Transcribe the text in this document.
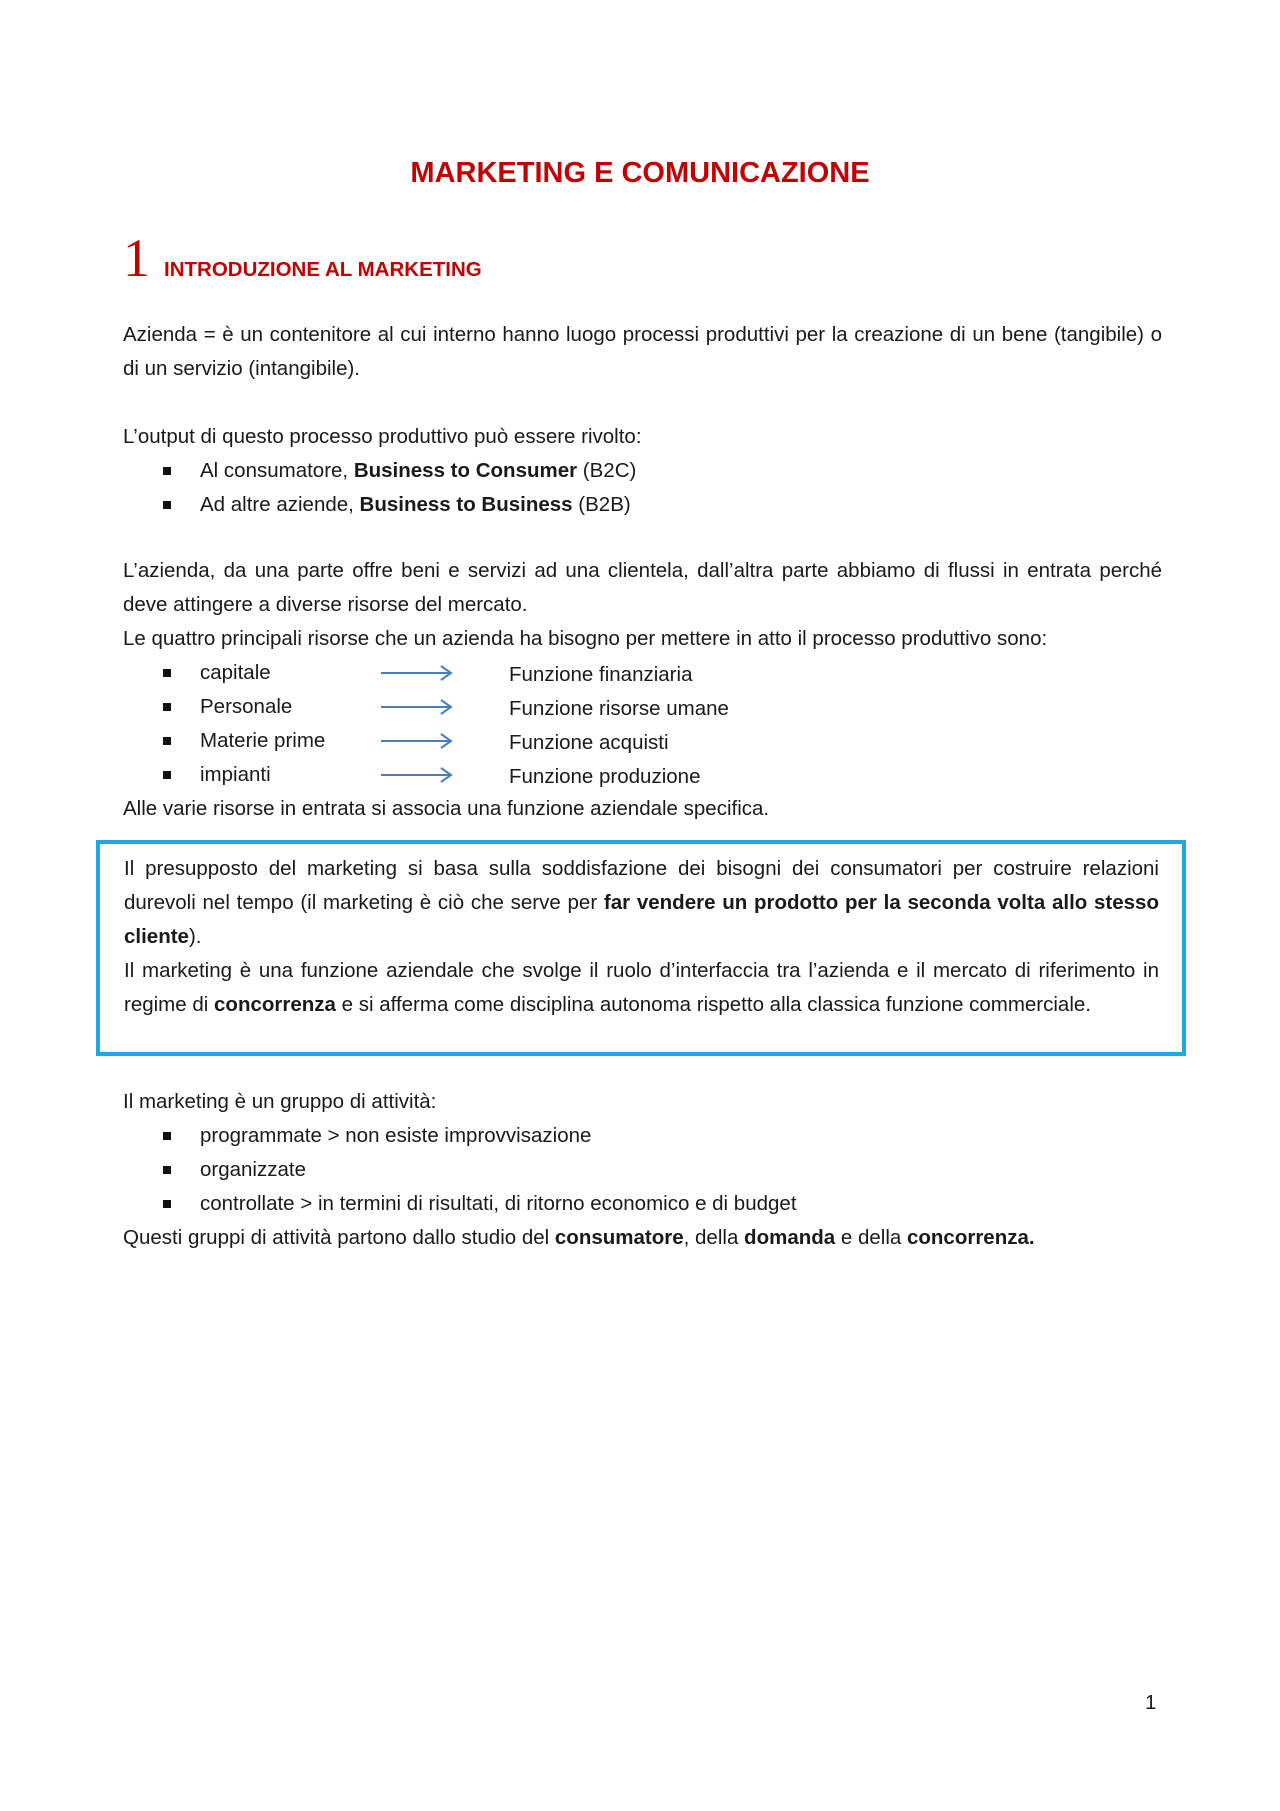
MARKETING E COMUNICAZIONE
1 INTRODUZIONE AL MARKETING

Azienda = è un contenitore al cui interno hanno luogo processi produttivi per la creazione di un bene (tangibile) o di un servizio (intangibile).

L’output di questo processo produttivo può essere rivolto:

Al consumatore, Business to Consumer (B2C)
Ad altre aziende, Business to Business (B2B)

L’azienda, da una parte offre beni e servizi ad una clientela, dall’altra parte abbiamo di flussi in entrata perché deve attingere a diverse risorse del mercato.

Le quattro principali risorse che un azienda ha bisogno per mettere in atto il processo produttivo sono:

capitale	Funzione finanziaria
Personale	Funzione risorse umane
Materie prime	Funzione acquisti
impianti	Funzione produzione

Alle varie risorse in entrata si associa una funzione aziendale specifica.

Il presupposto del marketing si basa sulla soddisfazione dei bisogni dei consumatori per costruire relazioni durevoli nel tempo (il marketing è ciò che serve per far vendere un prodotto per la seconda volta allo stesso cliente).

Il marketing è una funzione aziendale che svolge il ruolo d’interfaccia tra l’azienda e il mercato di riferimento in regime di concorrenza e si afferma come disciplina autonoma rispetto alla classica funzione commerciale.

Il marketing è un gruppo di attività:

programmate > non esiste improvvisazione
organizzate
controllate > in termini di risultati, di ritorno economico e di budget

Questi gruppi di attività partono dallo studio del consumatore, della domanda e della concorrenza.

1
